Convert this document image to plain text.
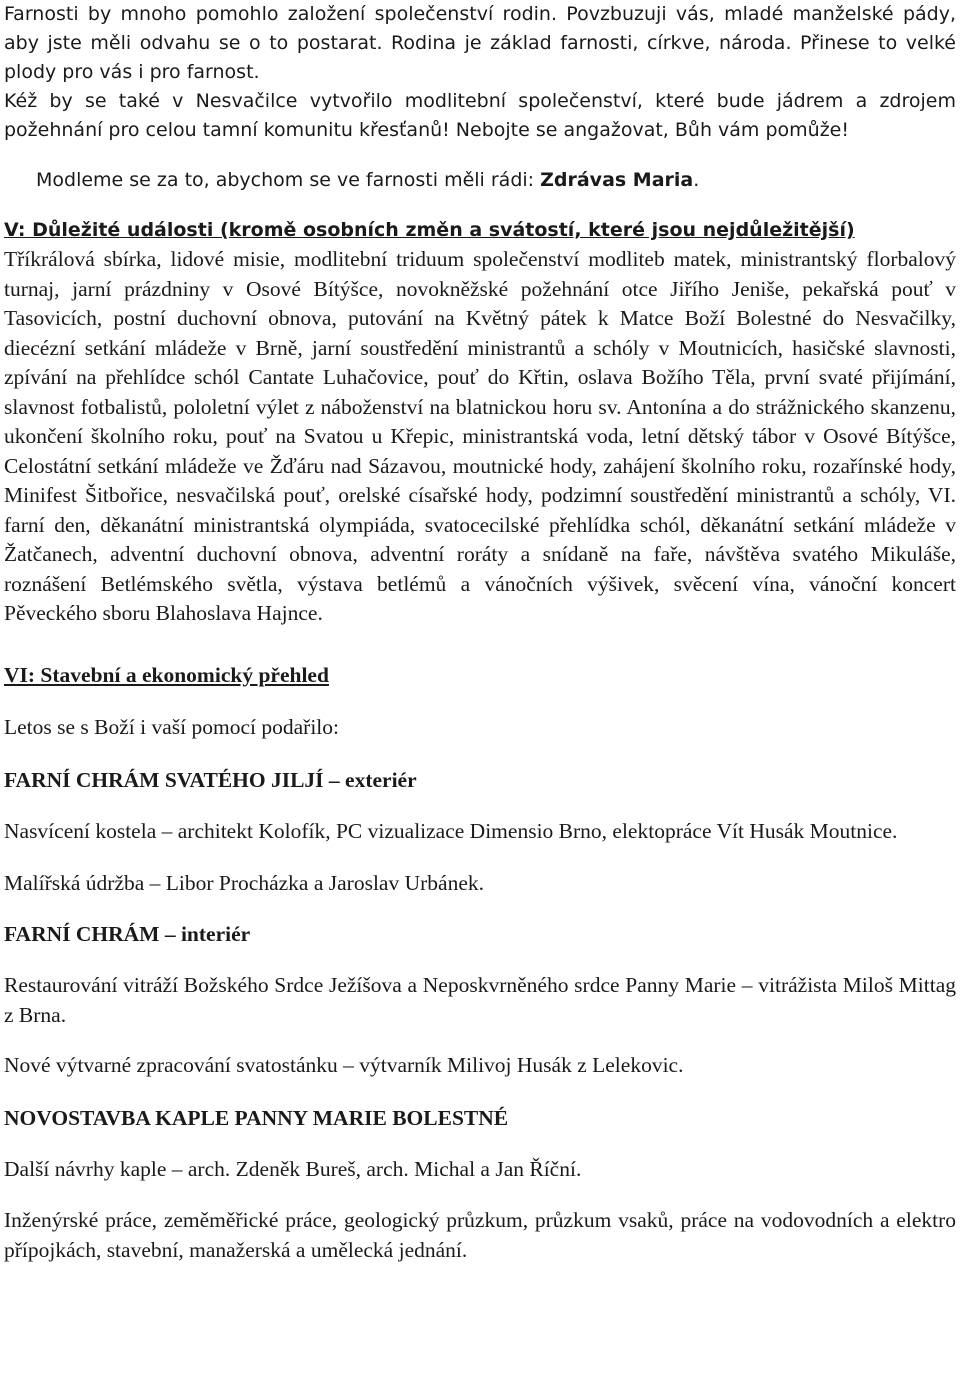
Farnosti by mnoho pomohlo založení společenství rodin. Povzbuzuji vás, mladé manželské pády, aby jste měli odvahu se o to postarat. Rodina je základ farnosti, církve, národa. Přinese to velké plody pro vás i pro farnost.

Kéž by se také v Nesvačilce vytvořilo modlitební společenství, které bude jádrem a zdrojem požehnání pro celou tamní komunitu křesťanů! Nebojte se angažovat, Bůh vám pomůže!

Modleme se za to, abychom se ve farnosti měli rádi: Zdrávas Maria.

V: Důležité události (kromě osobních změn a svátostí, které jsou nejdůležitější)

Tříkrálová sbírka, lidové misie, modlitební triduum společenství modliteb matek, ministrantský florbalový turnaj, jarní prázdniny v Osové Bítýšce, novokněžské požehnání otce Jiřího Jeniše, pekařská pouť v Tasovicích, postní duchovní obnova, putování na Květný pátek k Matce Boží Bolestné do Nesvačilky, diecézní setkání mládeže v Brně, jarní soustředění ministrantů a schóly v Moutnicích, hasičské slavnosti, zpívání na přehlídce schól Cantate Luhačovice, pouť do Křtin, oslava Božího Těla, první svaté přijímání, slavnost fotbalistů, pololetní výlet z náboženství na blatnickou horu sv. Antonína a do strážnického skanzenu, ukončení školního roku, pouť na Svatou u Křepic, ministrantská voda, letní dětský tábor v Osové Bítýšce, Celostátní setkání mládeže ve Žďáru nad Sázavou, moutnické hody, zahájení školního roku, rozařínské hody, Minifest Šitbořice, nesvačilská pouť, orelské císařské hody, podzimní soustředění ministrantů a schóly, VI. farní den, děkanátní ministrantská olympiáda, svatocecilské přehlídka schól, děkanátní setkání mládeže v Žatčanech, adventní duchovní obnova, adventní roráty a snídaně na faře, návštěva svatého Mikuláše, roznášení Betlémského světla, výstava betlémů a vánočních výšivek, svěcení vína, vánoční koncert Pěveckého sboru Blahoslava Hajnce.

VI: Stavební a ekonomický přehled

Letos se s Boží i vaší pomocí podařilo:

FARNÍ CHRÁM SVATÉHO JILJÍ – exteriér

Nasvícení kostela – architekt Kolofík, PC vizualizace Dimensio Brno, elektopráce Vít Husák Moutnice.

Malířská údržba – Libor Procházka a Jaroslav Urbánek.

FARNÍ CHRÁM – interiér

Restaurování vitráží Božského Srdce Ježíšova a Neposkvrněného srdce Panny Marie – vitrážista Miloš Mittag z Brna.

Nové výtvarné zpracování svatostánku – výtvarník Milivoj Husák z Lelekovic.

NOVOSTAVBA KAPLE PANNY MARIE BOLESTNÉ

Další návrhy kaple – arch. Zdeněk Bureš, arch. Michal a Jan Říční.

Inženýrské práce, zeměměřické práce, geologický průzkum, průzkum vsaků, práce na vodovodních a elektro přípojkách, stavební, manažerská a umělecká jednání.
